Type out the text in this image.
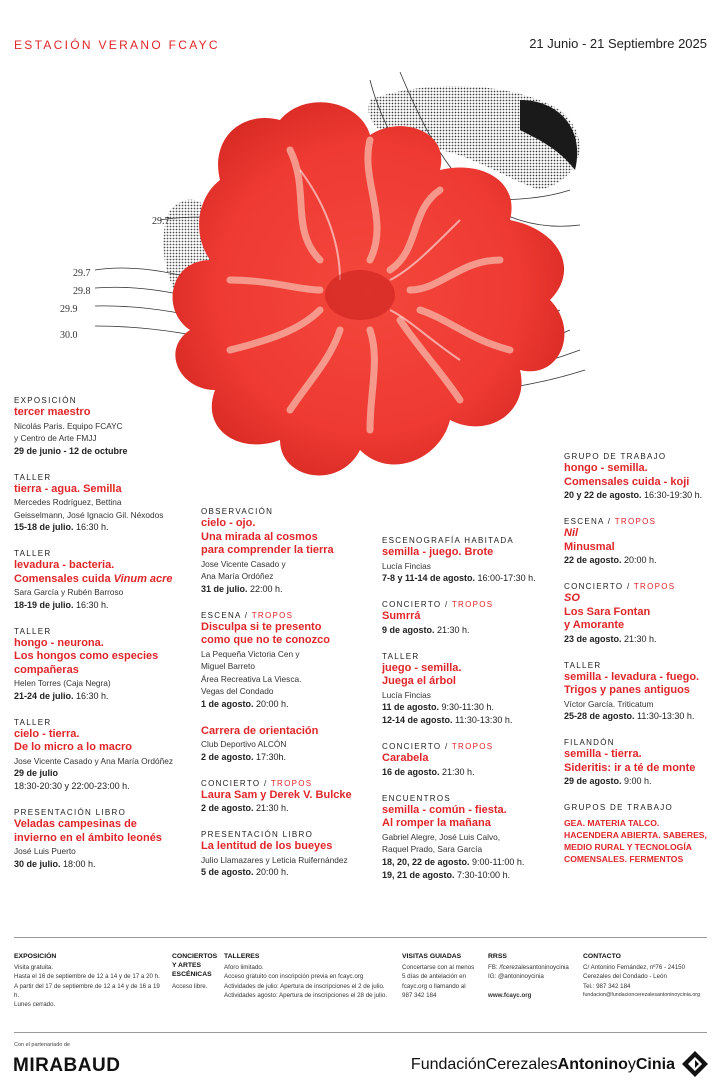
ESTACIÓN VERANO FCAYC	21 Junio - 21 Septiembre 2025
29.7
29.7
29.8
29.9
30.0
EXPOSICIÓN
tercer maestro
Nicolás Paris. Equipo FCAYC
y Centro de Arte FMJJ
29 de junio - 12 de octubre
TALLER
tierra - agua. Semilla
Mercedes Rodríguez, Bettina
Geisselmann, José Ignacio Gil. Néxodos
15-18 de julio. 16:30 h.
TALLER
levadura - bacteria.
Comensales cuida Vinum acre
Sara García y Rubén Barroso
18-19 de julio. 16:30 h.
TALLER
hongo - neurona.
Los hongos como especies
compañeras
Helen Torres (Caja Negra)
21-24 de julio. 16:30 h.
TALLER
cielo - tierra.
De lo micro a lo macro
Jose Vicente Casado y Ana María Ordóñez
29 de julio
18:30-20:30 y 22:00-23:00 h.
PRESENTACIÓN LIBRO
Veladas campesinas de
invierno en el ámbito leonés
José Luis Puerto
30 de julio. 18:00 h.
OBSERVACIÓN
cielo - ojo.
Una mirada al cosmos
para comprender la tierra
Jose Vicente Casado y
Ana María Ordóñez
31 de julio. 22:00 h.
ESCENA / TROPOS
Disculpa si te presento
como que no te conozco
La Pequeña Victoria Cen y
Miguel Barreto
Área Recreativa La Viesca.
Vegas del Condado
1 de agosto. 20:00 h.
Carrera de orientación
Club Deportivo ALCÓN
2 de agosto. 17:30h.
CONCIERTO / TROPOS
Laura Sam y Derek V. Bulcke
2 de agosto. 21:30 h.
PRESENTACIÓN LIBRO
La lentitud de los bueyes
Julio Llamazares y Leticia Ruifernández
5 de agosto. 20:00 h.
ESCENOGRAFÍA HABITADA
semilla - juego. Brote
Lucía Fincias
7-8 y 11-14 de agosto. 16:00-17:30 h.
CONCIERTO / TROPOS
Sumrrá
9 de agosto. 21:30 h.
TALLER
juego - semilla.
Juega el árbol
Lucía Fincias
11 de agosto. 9:30-11:30 h.
12-14 de agosto. 11:30-13:30 h.
CONCIERTO / TROPOS
Carabela
16 de agosto. 21:30 h.
ENCUENTROS
semilla - común - fiesta.
Al romper la mañana
Gabriel Alegre, José Luis Calvo,
Raquel Prado, Sara García
18, 20, 22 de agosto. 9:00-11:00 h.
19, 21 de agosto. 7:30-10:00 h.
GRUPO DE TRABAJO
hongo - semilla.
Comensales cuida - koji
20 y 22 de agosto. 16:30-19:30 h.
ESCENA / TROPOS
Nil
Minusmal
22 de agosto. 20:00 h.
CONCIERTO / TROPOS
SO
Los Sara Fontan
y Amorante
23 de agosto. 21:30 h.
TALLER
semilla - levadura - fuego.
Trigos y panes antiguos
Víctor García. Triticatum
25-28 de agosto. 11:30-13:30 h.
FILANDÓN
semilla - tierra.
Sideritis: ir a té de monte
29 de agosto. 9:00 h.
GRUPOS DE TRABAJO
GEA. MATERIA TALCO.
HACENDERA ABIERTA. SABERES,
MEDIO RURAL Y TECNOLOGÍA
COMENSALES. FERMENTOS
EXPOSICIÓN
Visita gratuita.
Hasta el 16 de septiembre de 12 a 14 y de 17 a 20 h.
A partir del 17 de septiembre de 12 a 14 y de 16 a 19 h.
Lunes cerrado.
CONCIERTOS Y ARTES ESCÉNICAS
Acceso libre.
TALLERES
Aforo limitado.
Acceso gratuito con inscripción previa en fcayc.org
Actividades de julio: Apertura de inscripciones el 2 de julio.
Actividades agosto: Apertura de inscripciones el 28 de julio.
VISITAS GUIADAS
Concertarse con al menos
5 días de antelación en
fcayc.org o llamando al
987 342 184
RRSS
FB: /fcerezalesantoninoycinia
IG: @antoninoycinia

www.fcayc.org
CONTACTO
C/ Antonino Fernández, nº76 - 24150
Cerezales del Condado - León
Tel.: 987 342 184
fundacion@fundacioncerezalesantoninoycinia.org
Con el partenariado de
MIRABAUD	FundaciónCerezalesAntoninoyCinia
